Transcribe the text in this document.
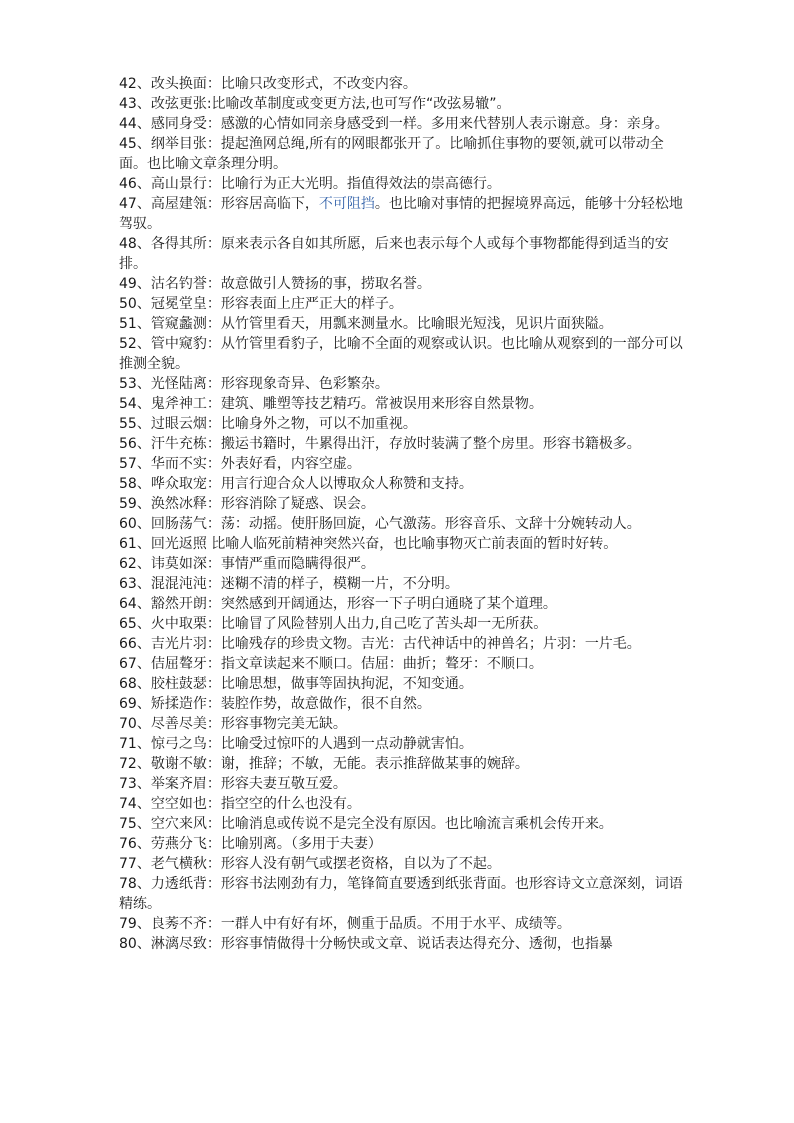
42、改头换面：比喻只改变形式，不改变内容。

43、改弦更张:比喻改革制度或变更方法,也可写作“改弦易辙”。

44、感同身受：感激的心情如同亲身感受到一样。多用来代替别人表示谢意。身：亲身。

45、纲举目张：提起渔网总绳,所有的网眼都张开了。比喻抓住事物的要领,就可以带动全面。也比喻文章条理分明。

46、高山景行：比喻行为正大光明。指值得效法的崇高德行。

47、高屋建瓴：形容居高临下，不可阻挡。也比喻对事情的把握境界高远，能够十分轻松地驾驭。

48、各得其所：原来表示各自如其所愿，后来也表示每个人或每个事物都能得到适当的安排。

49、沽名钓誉：故意做引人赞扬的事，捞取名誉。

50、冠冕堂皇：形容表面上庄严正大的样子。

51、管窥蠡测：从竹管里看天，用瓢来测量水。比喻眼光短浅，见识片面狭隘。

52、管中窥豹：从竹管里看豹子，比喻不全面的观察或认识。也比喻从观察到的一部分可以推测全貌。

53、光怪陆离：形容现象奇异、色彩繁杂。

54、鬼斧神工：建筑、雕塑等技艺精巧。常被误用来形容自然景物。

55、过眼云烟：比喻身外之物，可以不加重视。

56、汗牛充栋：搬运书籍时，牛累得出汗，存放时装满了整个房里。形容书籍极多。

57、华而不实：外表好看，内容空虚。

58、哗众取宠：用言行迎合众人以博取众人称赞和支持。

59、涣然冰释：形容消除了疑惑、误会。

60、回肠荡气：荡：动摇。使肝肠回旋，心气激荡。形容音乐、文辞十分婉转动人。

61、回光返照 比喻人临死前精神突然兴奋，也比喻事物灭亡前表面的暂时好转。

62、讳莫如深：事情严重而隐瞒得很严。

63、混混沌沌：迷糊不清的样子，模糊一片，不分明。

64、豁然开朗：突然感到开阔通达，形容一下子明白通晓了某个道理。

65、火中取栗：比喻冒了风险替别人出力,自己吃了苦头却一无所获。

66、吉光片羽：比喻残存的珍贵文物。吉光：古代神话中的神兽名；片羽：一片毛。

67、佶屈聱牙：指文章读起来不顺口。佶屈：曲折；聱牙：不顺口。

68、胶柱鼓瑟：比喻思想，做事等固执拘泥，不知变通。

69、矫揉造作：装腔作势，故意做作，很不自然。

70、尽善尽美：形容事物完美无缺。

71、惊弓之鸟：比喻受过惊吓的人遇到一点动静就害怕。

72、敬谢不敏：谢，推辞；不敏，无能。表示推辞做某事的婉辞。

73、举案齐眉：形容夫妻互敬互爱。

74、空空如也：指空空的什么也没有。

75、空穴来风：比喻消息或传说不是完全没有原因。也比喻流言乘机会传开来。

76、劳燕分飞：比喻别离。（多用于夫妻）

77、老气横秋：形容人没有朝气或摆老资格，自以为了不起。

78、力透纸背：形容书法刚劲有力，笔锋简直要透到纸张背面。也形容诗文立意深刻，词语精练。

79、良莠不齐：一群人中有好有坏，侧重于品质。不用于水平、成绩等。

80、淋漓尽致：形容事情做得十分畅快或文章、说话表达得充分、透彻，也指暴
